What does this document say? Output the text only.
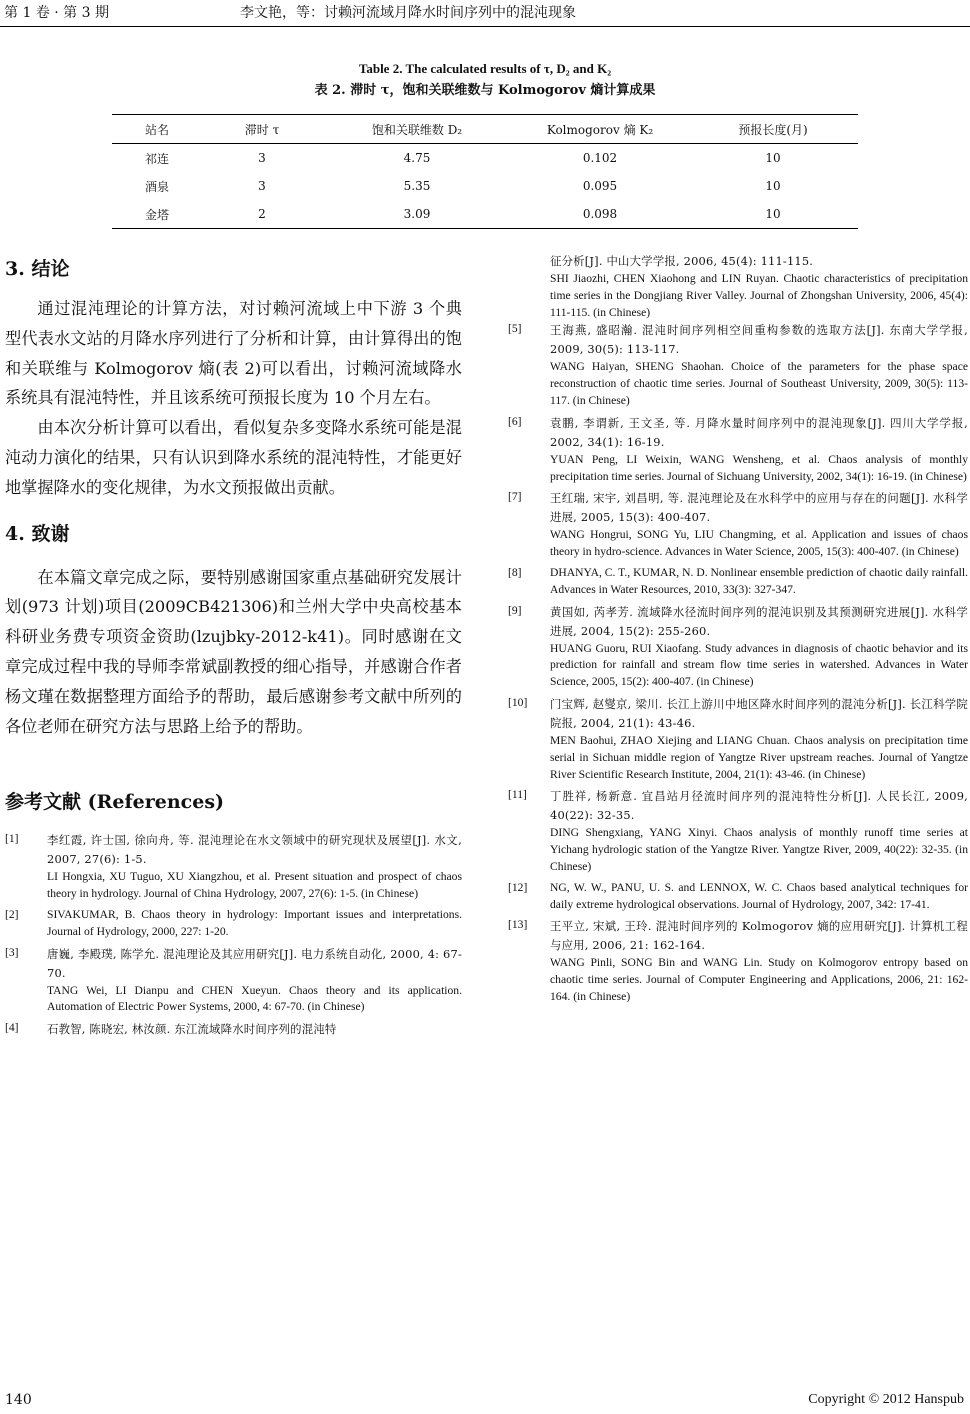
第 1 卷 · 第 3 期	李文艳，等：讨赖河流域月降水时间序列中的混沌现象
Table 2. The calculated results of τ, D₂ and K₂
表 2. 滞时 τ，饱和关联维数与 Kolmogorov 熵计算成果
站名	滞时 τ	饱和关联维数 D₂	Kolmogorov 熵 K₂	预报长度(月)
祁连	3	4.75	0.102	10
酒泉	3	5.35	0.095	10
金塔	2	3.09	0.098	10
3. 结论

通过混沌理论的计算方法，对讨赖河流域上中下游 3 个典型代表水文站的月降水序列进行了分析和计算，由计算得出的饱和关联维与 Kolmogorov 熵(表 2)可以看出，讨赖河流域降水系统具有混沌特性，并且该系统可预报长度为 10 个月左右。

由本次分析计算可以看出，看似复杂多变降水系统可能是混沌动力演化的结果，只有认识到降水系统的混沌特性，才能更好地掌握降水的变化规律，为水文预报做出贡献。

4. 致谢

在本篇文章完成之际，要特别感谢国家重点基础研究发展计划(973 计划)项目(2009CB421306)和兰州大学中央高校基本科研业务费专项资金资助(lzujbky-2012-k41)。同时感谢在文章完成过程中我的导师李常斌副教授的细心指导，并感谢合作者杨文瑾在数据整理方面给予的帮助，最后感谢参考文献中所列的各位老师在研究方法与思路上给予的帮助。

参考文献 (References)
[1] 李红霞, 许士国, 徐向舟, 等. 混沌理论在水文领域中的研究现状及展望[J]. 水文, 2007, 27(6): 1-5.
LI Hongxia, XU Tuguo, XU Xiangzhou, et al. Present situation and prospect of chaos theory in hydrology. Journal of China Hydrology, 2007, 27(6): 1-5. (in Chinese)
[2] SIVAKUMAR, B. Chaos theory in hydrology: Important issues and interpretations. Journal of Hydrology, 2000, 227: 1-20.
[3] 唐巍, 李殿璞, 陈学允. 混沌理论及其应用研究[J]. 电力系统自动化, 2000, 4: 67-70.
TANG Wei, LI Dianpu and CHEN Xueyun. Chaos theory and its application. Automation of Electric Power Systems, 2000, 4: 67-70. (in Chinese)
[4] 石教智, 陈晓宏, 林汝颜. 东江流域降水时间序列的混沌特
征分析[J]. 中山大学学报, 2006, 45(4): 111-115.
SHI Jiaozhi, CHEN Xiaohong and LIN Ruyan. Chaotic characteristics of precipitation time series in the Dongjiang River Valley. Journal of Zhongshan University, 2006, 45(4): 111-115. (in Chinese)
[5] 王海燕, 盛昭瀚. 混沌时间序列相空间重构参数的选取方法[J]. 东南大学学报, 2009, 30(5): 113-117.
WANG Haiyan, SHENG Shaohan. Choice of the parameters for the phase space reconstruction of chaotic time series. Journal of Southeast University, 2009, 30(5): 113-117. (in Chinese)
[6] 袁鹏, 李谓新, 王文圣, 等. 月降水量时间序列中的混沌现象[J]. 四川大学学报, 2002, 34(1): 16-19.
YUAN Peng, LI Weixin, WANG Wensheng, et al. Chaos analysis of monthly precipitation time series. Journal of Sichuang University, 2002, 34(1): 16-19. (in Chinese)
[7] 王红瑞, 宋宇, 刘昌明, 等. 混沌理论及在水科学中的应用与存在的问题[J]. 水科学进展, 2005, 15(3): 400-407.
WANG Hongrui, SONG Yu, LIU Changming, et al. Application and issues of chaos theory in hydro-science. Advances in Water Science, 2005, 15(3): 400-407. (in Chinese)
[8] DHANYA, C. T., KUMAR, N. D. Nonlinear ensemble prediction of chaotic daily rainfall. Advances in Water Resources, 2010, 33(3): 327-347.
[9] 黄国如, 芮孝芳. 流域降水径流时间序列的混沌识别及其预测研究进展[J]. 水科学进展, 2004, 15(2): 255-260.
HUANG Guoru, RUI Xiaofang. Study advances in diagnosis of chaotic behavior and its prediction for rainfall and stream flow time series in watershed. Advances in Water Science, 2005, 15(2): 400-407. (in Chinese)
[10] 门宝辉, 赵燮京, 梁川. 长江上游川中地区降水时间序列的混沌分析[J]. 长江科学院院报, 2004, 21(1): 43-46.
MEN Baohui, ZHAO Xiejing and LIANG Chuan. Chaos analysis on precipitation time serial in Sichuan middle region of Yangtze River upstream reaches. Journal of Yangtze River Scientific Research Institute, 2004, 21(1): 43-46. (in Chinese)
[11] 丁胜祥, 杨新意. 宜昌站月径流时间序列的混沌特性分析[J]. 人民长江, 2009, 40(22): 32-35.
DING Shengxiang, YANG Xinyi. Chaos analysis of monthly runoff time series at Yichang hydrologic station of the Yangtze River. Yangtze River, 2009, 40(22): 32-35. (in Chinese)
[12] NG, W. W., PANU, U. S. and LENNOX, W. C. Chaos based analytical techniques for daily extreme hydrological observations. Journal of Hydrology, 2007, 342: 17-41.
[13] 王平立, 宋斌, 王玲. 混沌时间序列的 Kolmogorov 熵的应用研究[J]. 计算机工程与应用, 2006, 21: 162-164.
WANG Pinli, SONG Bin and WANG Lin. Study on Kolmogorov entropy based on chaotic time series. Journal of Computer Engineering and Applications, 2006, 21: 162-164. (in Chinese)
140	Copyright © 2012 Hanspub
